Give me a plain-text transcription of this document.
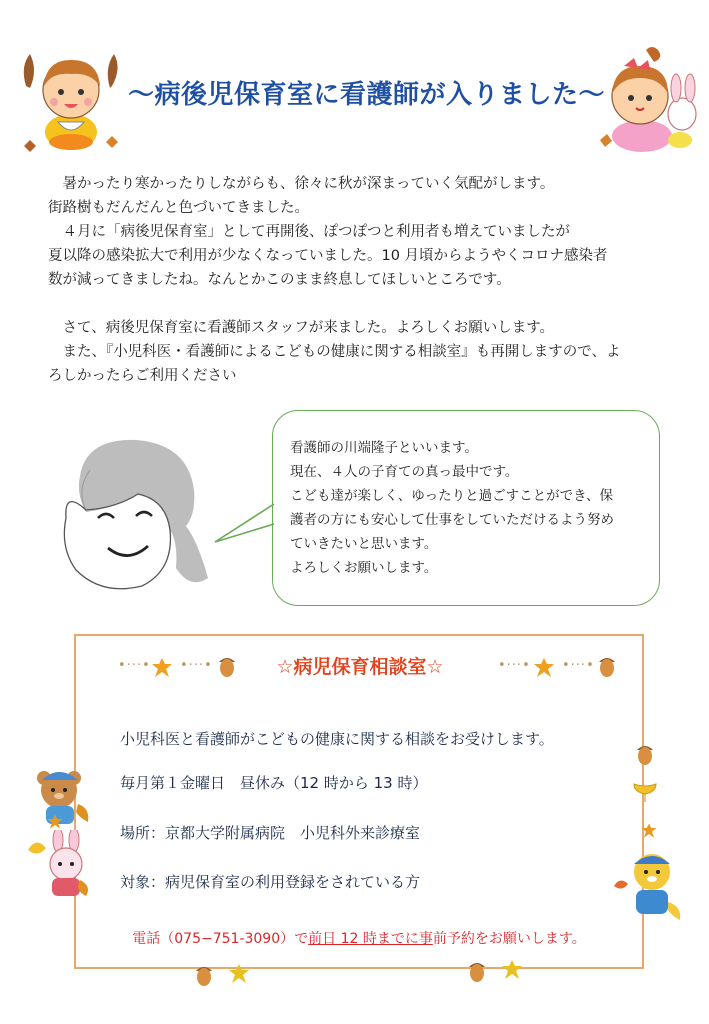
～病後児保育室に看護師が入りました～

　暑かったり寒かったりしながらも、徐々に秋が深まっていく気配がします。

街路樹もだんだんと色づいてきました。

　４月に「病後児保育室」として再開後、ぽつぽつと利用者も増えていましたが

夏以降の感染拡大で利用が少なくなっていました。10 月頃からようやくコロナ感染者

数が減ってきましたね。なんとかこのまま終息してほしいところです。

　さて、病後児保育室に看護師スタッフが来ました。よろしくお願いします。

　また、『小児科医・看護師によるこどもの健康に関する相談室』も再開しますので、よ

ろしかったらご利用ください

看護師の川端隆子といいます。

現在、４人の子育ての真っ最中です。

こども達が楽しく、ゆったりと過ごすことができ、保

護者の方にも安心して仕事をしていただけるよう努め

ていきたいと思います。

よろしくお願いします。

•···• •···•	☆病児保育相談室☆	•···• •···•
小児科医と看護師がこどもの健康に関する相談をお受けします。
毎月第１金曜日　昼休み（12 時から 13 時）
場所：京都大学附属病院　小児科外来診療室
対象：病児保育室の利用登録をされている方
電話（075−751-3090）で前日 12 時までに事前予約をお願いします。
